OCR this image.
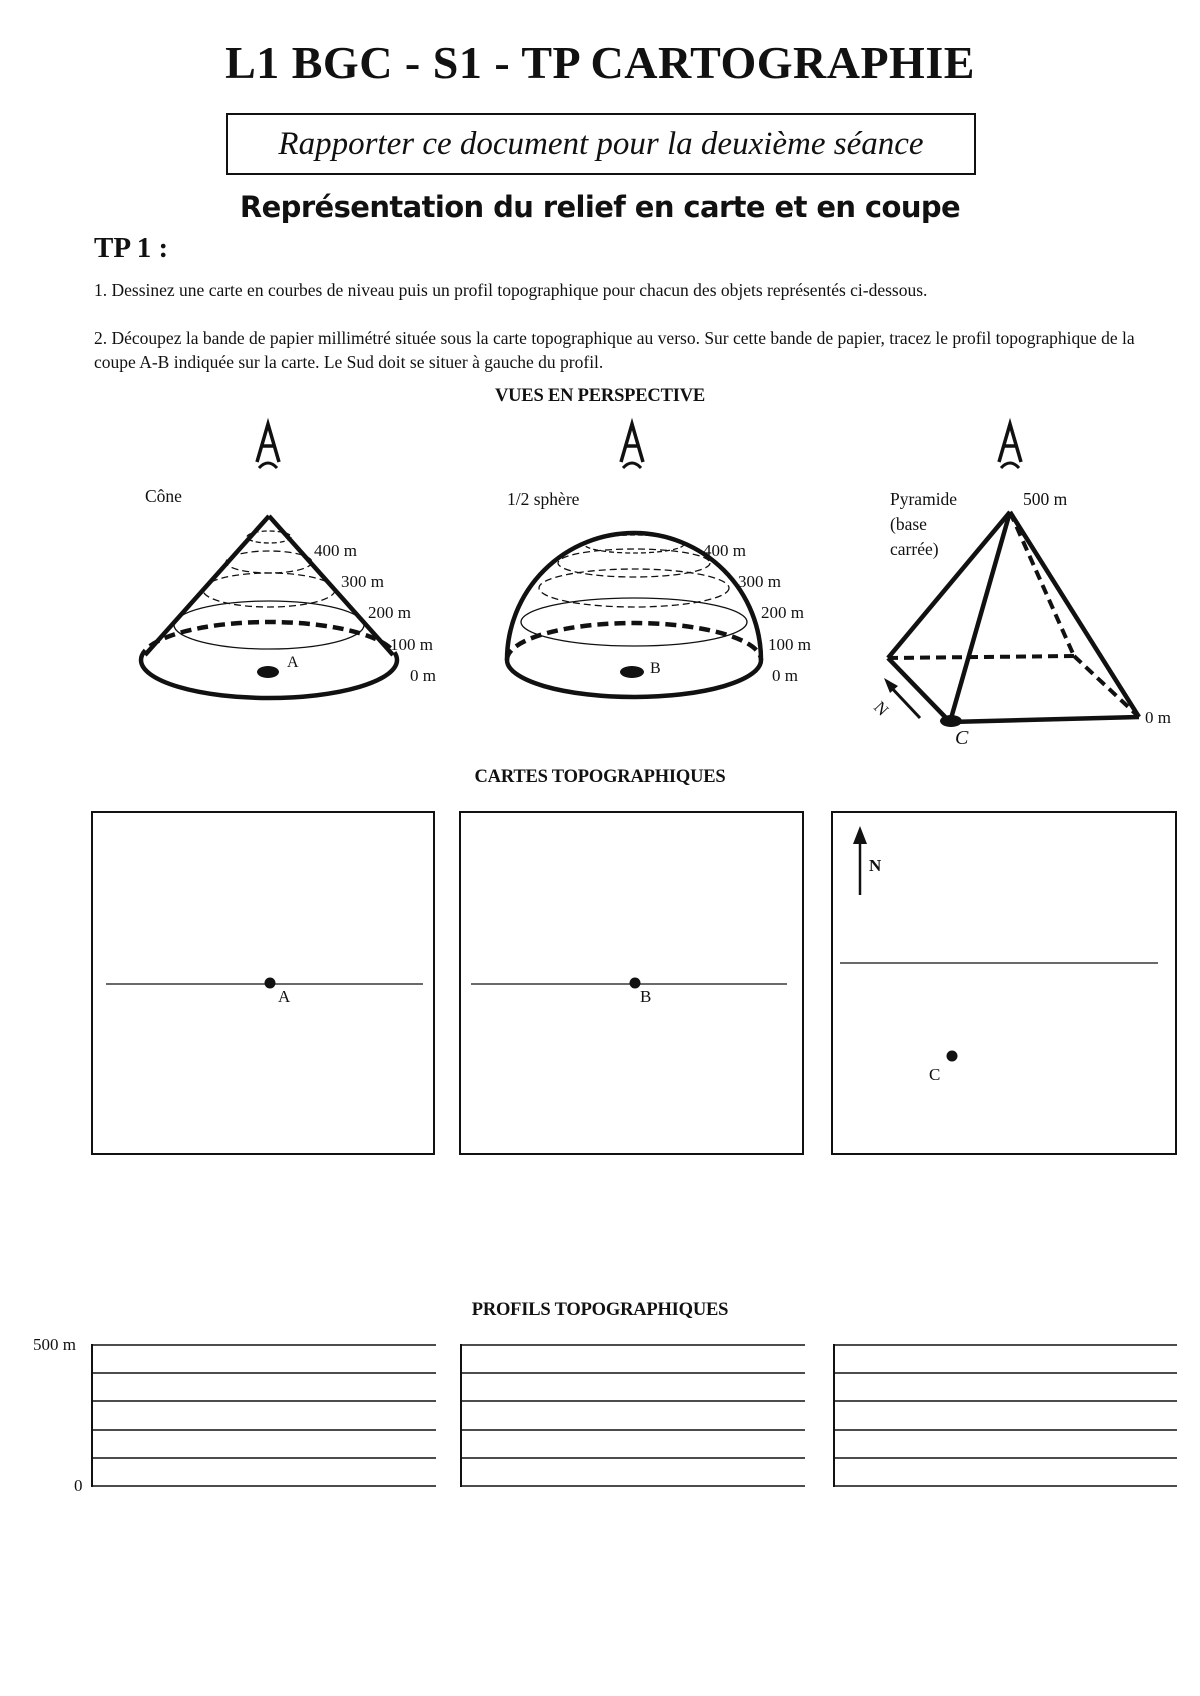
L1 BGC - S1 - TP CARTOGRAPHIE
Rapporter ce document pour la deuxième séance
Représentation du relief en carte et en coupe
TP 1 :
1. Dessinez une carte en courbes de niveau puis un profil topographique pour chacun des objets représentés ci-dessous.
2. Découpez la bande de papier millimétré située sous la carte topographique au verso. Sur cette bande de papier, tracez le profil topographique de la coupe A-B indiquée sur la carte. Le Sud doit se situer à gauche du profil.
VUES EN PERSPECTIVE
Cône
A
400 m
300 m
200 m
100 m
0 m
1/2 sphère
B
400 m
300 m
200 m
100 m
0 m
Pyramide
(base
carrée)
500 m
C
0 m
N
CARTES TOPOGRAPHIQUES
A	B
N
C
PROFILS TOPOGRAPHIQUES
500 m
0
